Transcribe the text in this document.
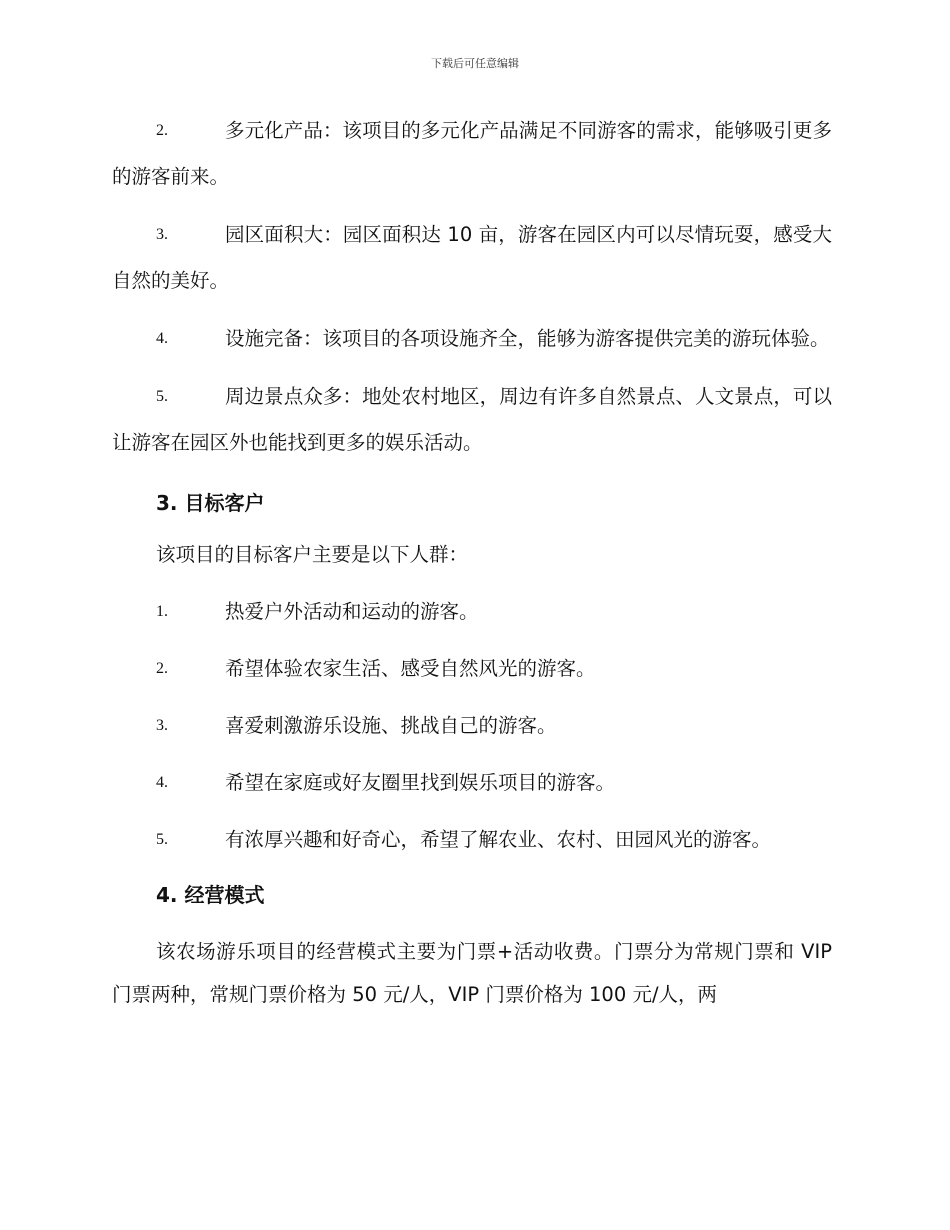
下载后可任意编辑
2.	多元化产品：该项目的多元化产品满足不同游客的需求，能够吸引更多的游客前来。
3.	园区面积大：园区面积达 10 亩，游客在园区内可以尽情玩耍，感受大自然的美好。
4.	设施完备：该项目的各项设施齐全，能够为游客提供完美的游玩体验。
5.	周边景点众多：地处农村地区，周边有许多自然景点、人文景点，可以让游客在园区外也能找到更多的娱乐活动。
3. 目标客户
该项目的目标客户主要是以下人群：
1.	热爱户外活动和运动的游客。
2.	希望体验农家生活、感受自然风光的游客。
3.	喜爱刺激游乐设施、挑战自己的游客。
4.	希望在家庭或好友圈里找到娱乐项目的游客。
5.	有浓厚兴趣和好奇心，希望了解农业、农村、田园风光的游客。
4. 经营模式
该农场游乐项目的经营模式主要为门票+活动收费。门票分为常规门票和 VIP 门票两种，常规门票价格为 50 元/人，VIP 门票价格为 100 元/人，两
